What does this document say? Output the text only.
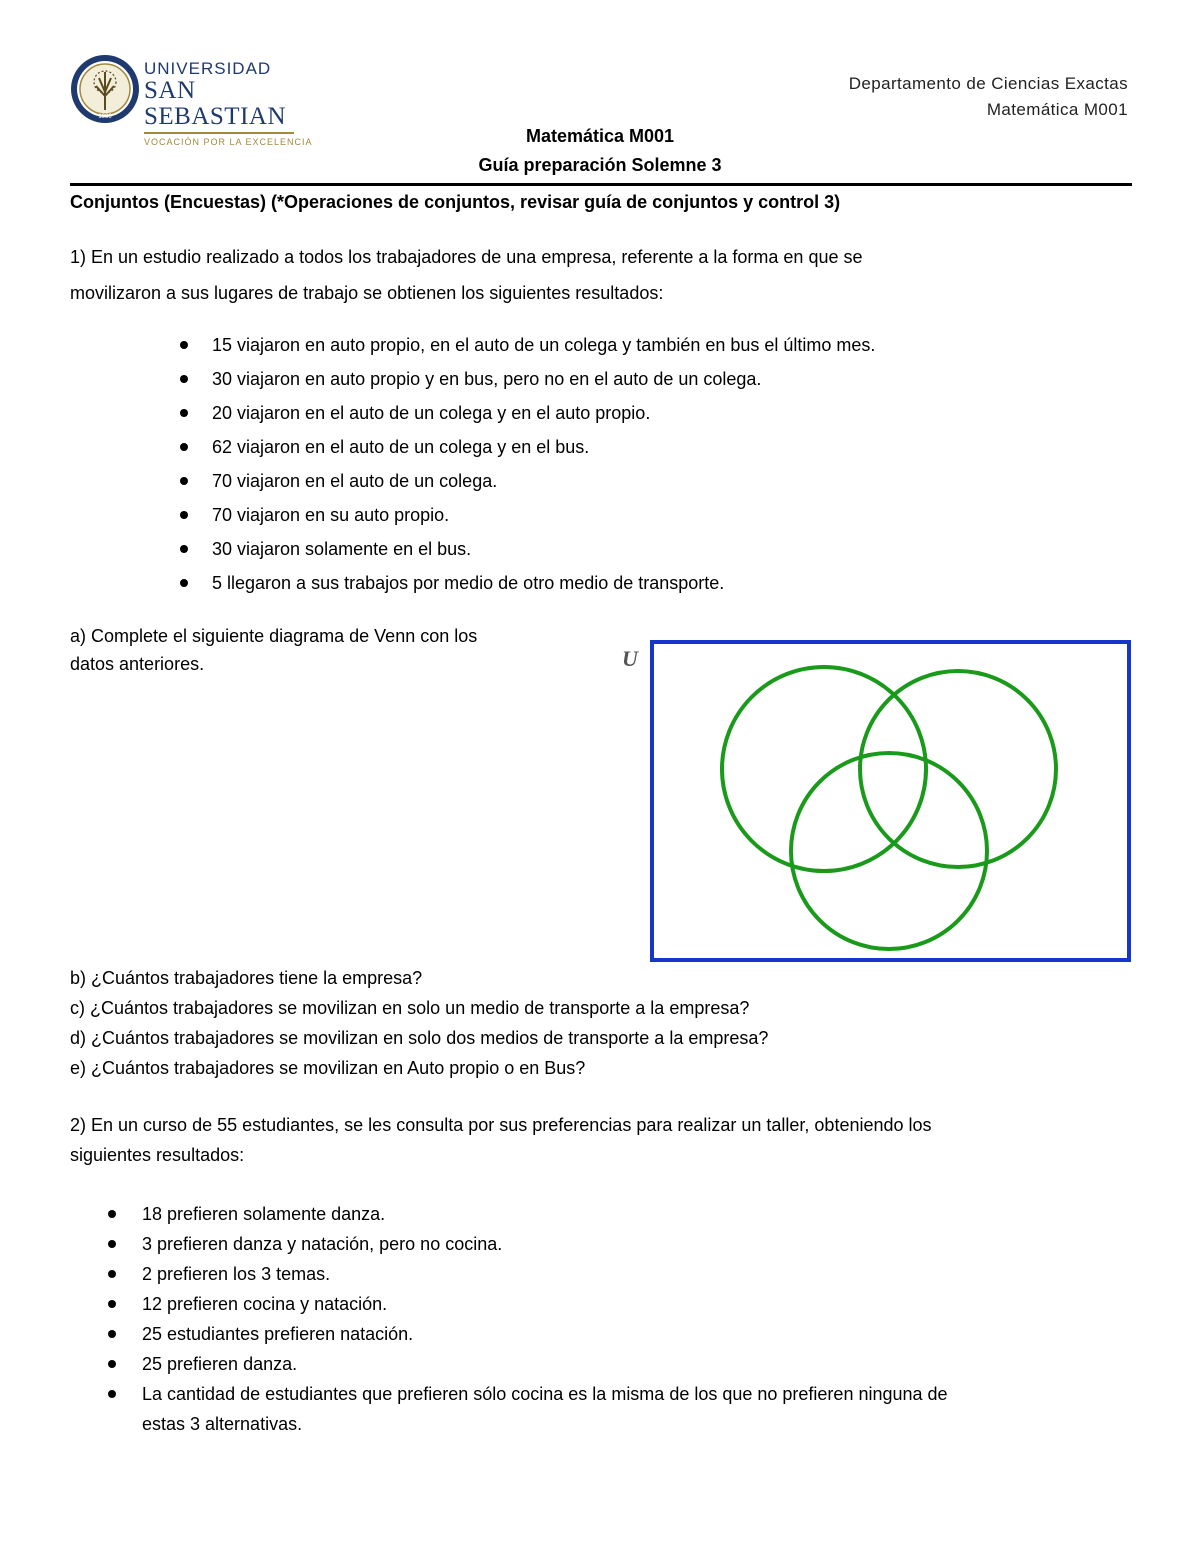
1989
UNIVERSIDAD
SAN SEBASTIAN
VOCACIÓN POR LA EXCELENCIA
Departamento de Ciencias Exactas
Matemática M001
Matemática M001
Guía preparación Solemne 3
Conjuntos (Encuestas) (*Operaciones de conjuntos, revisar guía de conjuntos y control 3)
1) En un estudio realizado a todos los trabajadores de una empresa, referente a la forma en que se
movilizaron a sus lugares de trabajo se obtienen los siguientes resultados:
15 viajaron en auto propio, en el auto de un colega y también en bus el último mes.
30 viajaron en auto propio y en bus, pero no en el auto de un colega.
20 viajaron en el auto de un colega y en el auto propio.
62 viajaron en el auto de un colega y en el bus.
70 viajaron en el auto de un colega.
70 viajaron en su auto propio.
30 viajaron solamente en el bus.
5 llegaron a sus trabajos por medio de otro medio de transporte.
a) Complete el siguiente diagrama de Venn con los
datos anteriores.	U
b) ¿Cuántos trabajadores tiene la empresa?
c) ¿Cuántos trabajadores se movilizan en solo un medio de transporte a la empresa?
d) ¿Cuántos trabajadores se movilizan en solo dos medios de transporte a la empresa?
e) ¿Cuántos trabajadores se movilizan en Auto propio o en Bus?
2) En un curso de 55 estudiantes, se les consulta por sus preferencias para realizar un taller, obteniendo los
siguientes resultados:
18 prefieren solamente danza.
3 prefieren danza y natación, pero no cocina.
2 prefieren los 3 temas.
12 prefieren cocina y natación.
25 estudiantes prefieren natación.
25 prefieren danza.
La cantidad de estudiantes que prefieren sólo cocina es la misma de los que no prefieren ninguna de
estas 3 alternativas.
